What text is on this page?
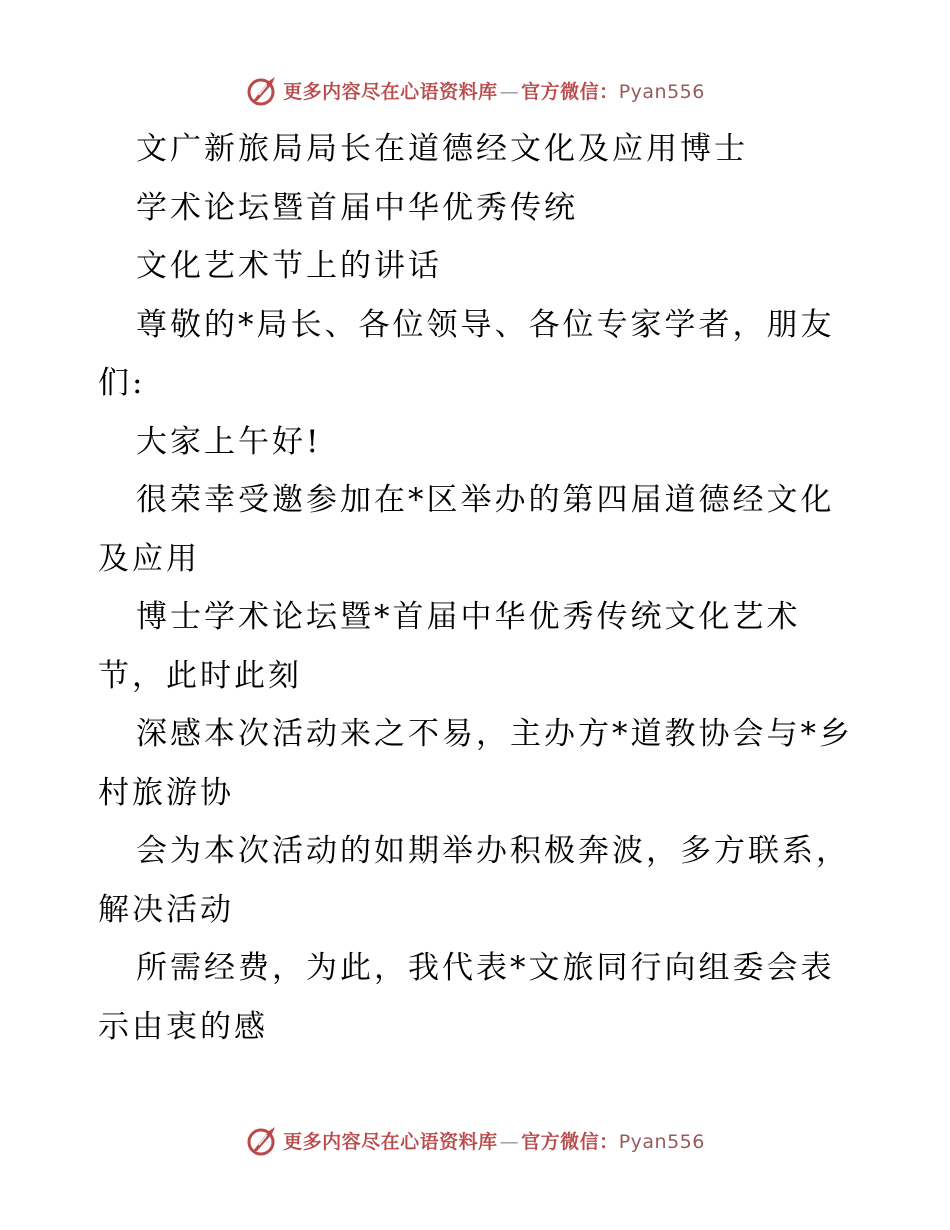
更多内容尽在心语资料库 — 官方微信：Pyan556
文广新旅局局长在道德经文化及应用博士
学术论坛暨首届中华优秀传统
文化艺术节上的讲话
尊敬的*局长、各位领导、各位专家学者，朋友
们:
大家上午好!
很荣幸受邀参加在*区举办的第四届道德经文化
及应用
博士学术论坛暨*首届中华优秀传统文化艺术
节，此时此刻
深感本次活动来之不易，主办方*道教协会与*乡
村旅游协
会为本次活动的如期举办积极奔波，多方联系，
解决活动
所需经费，为此，我代表*文旅同行向组委会表
示由衷的感
更多内容尽在心语资料库 — 官方微信：Pyan556
